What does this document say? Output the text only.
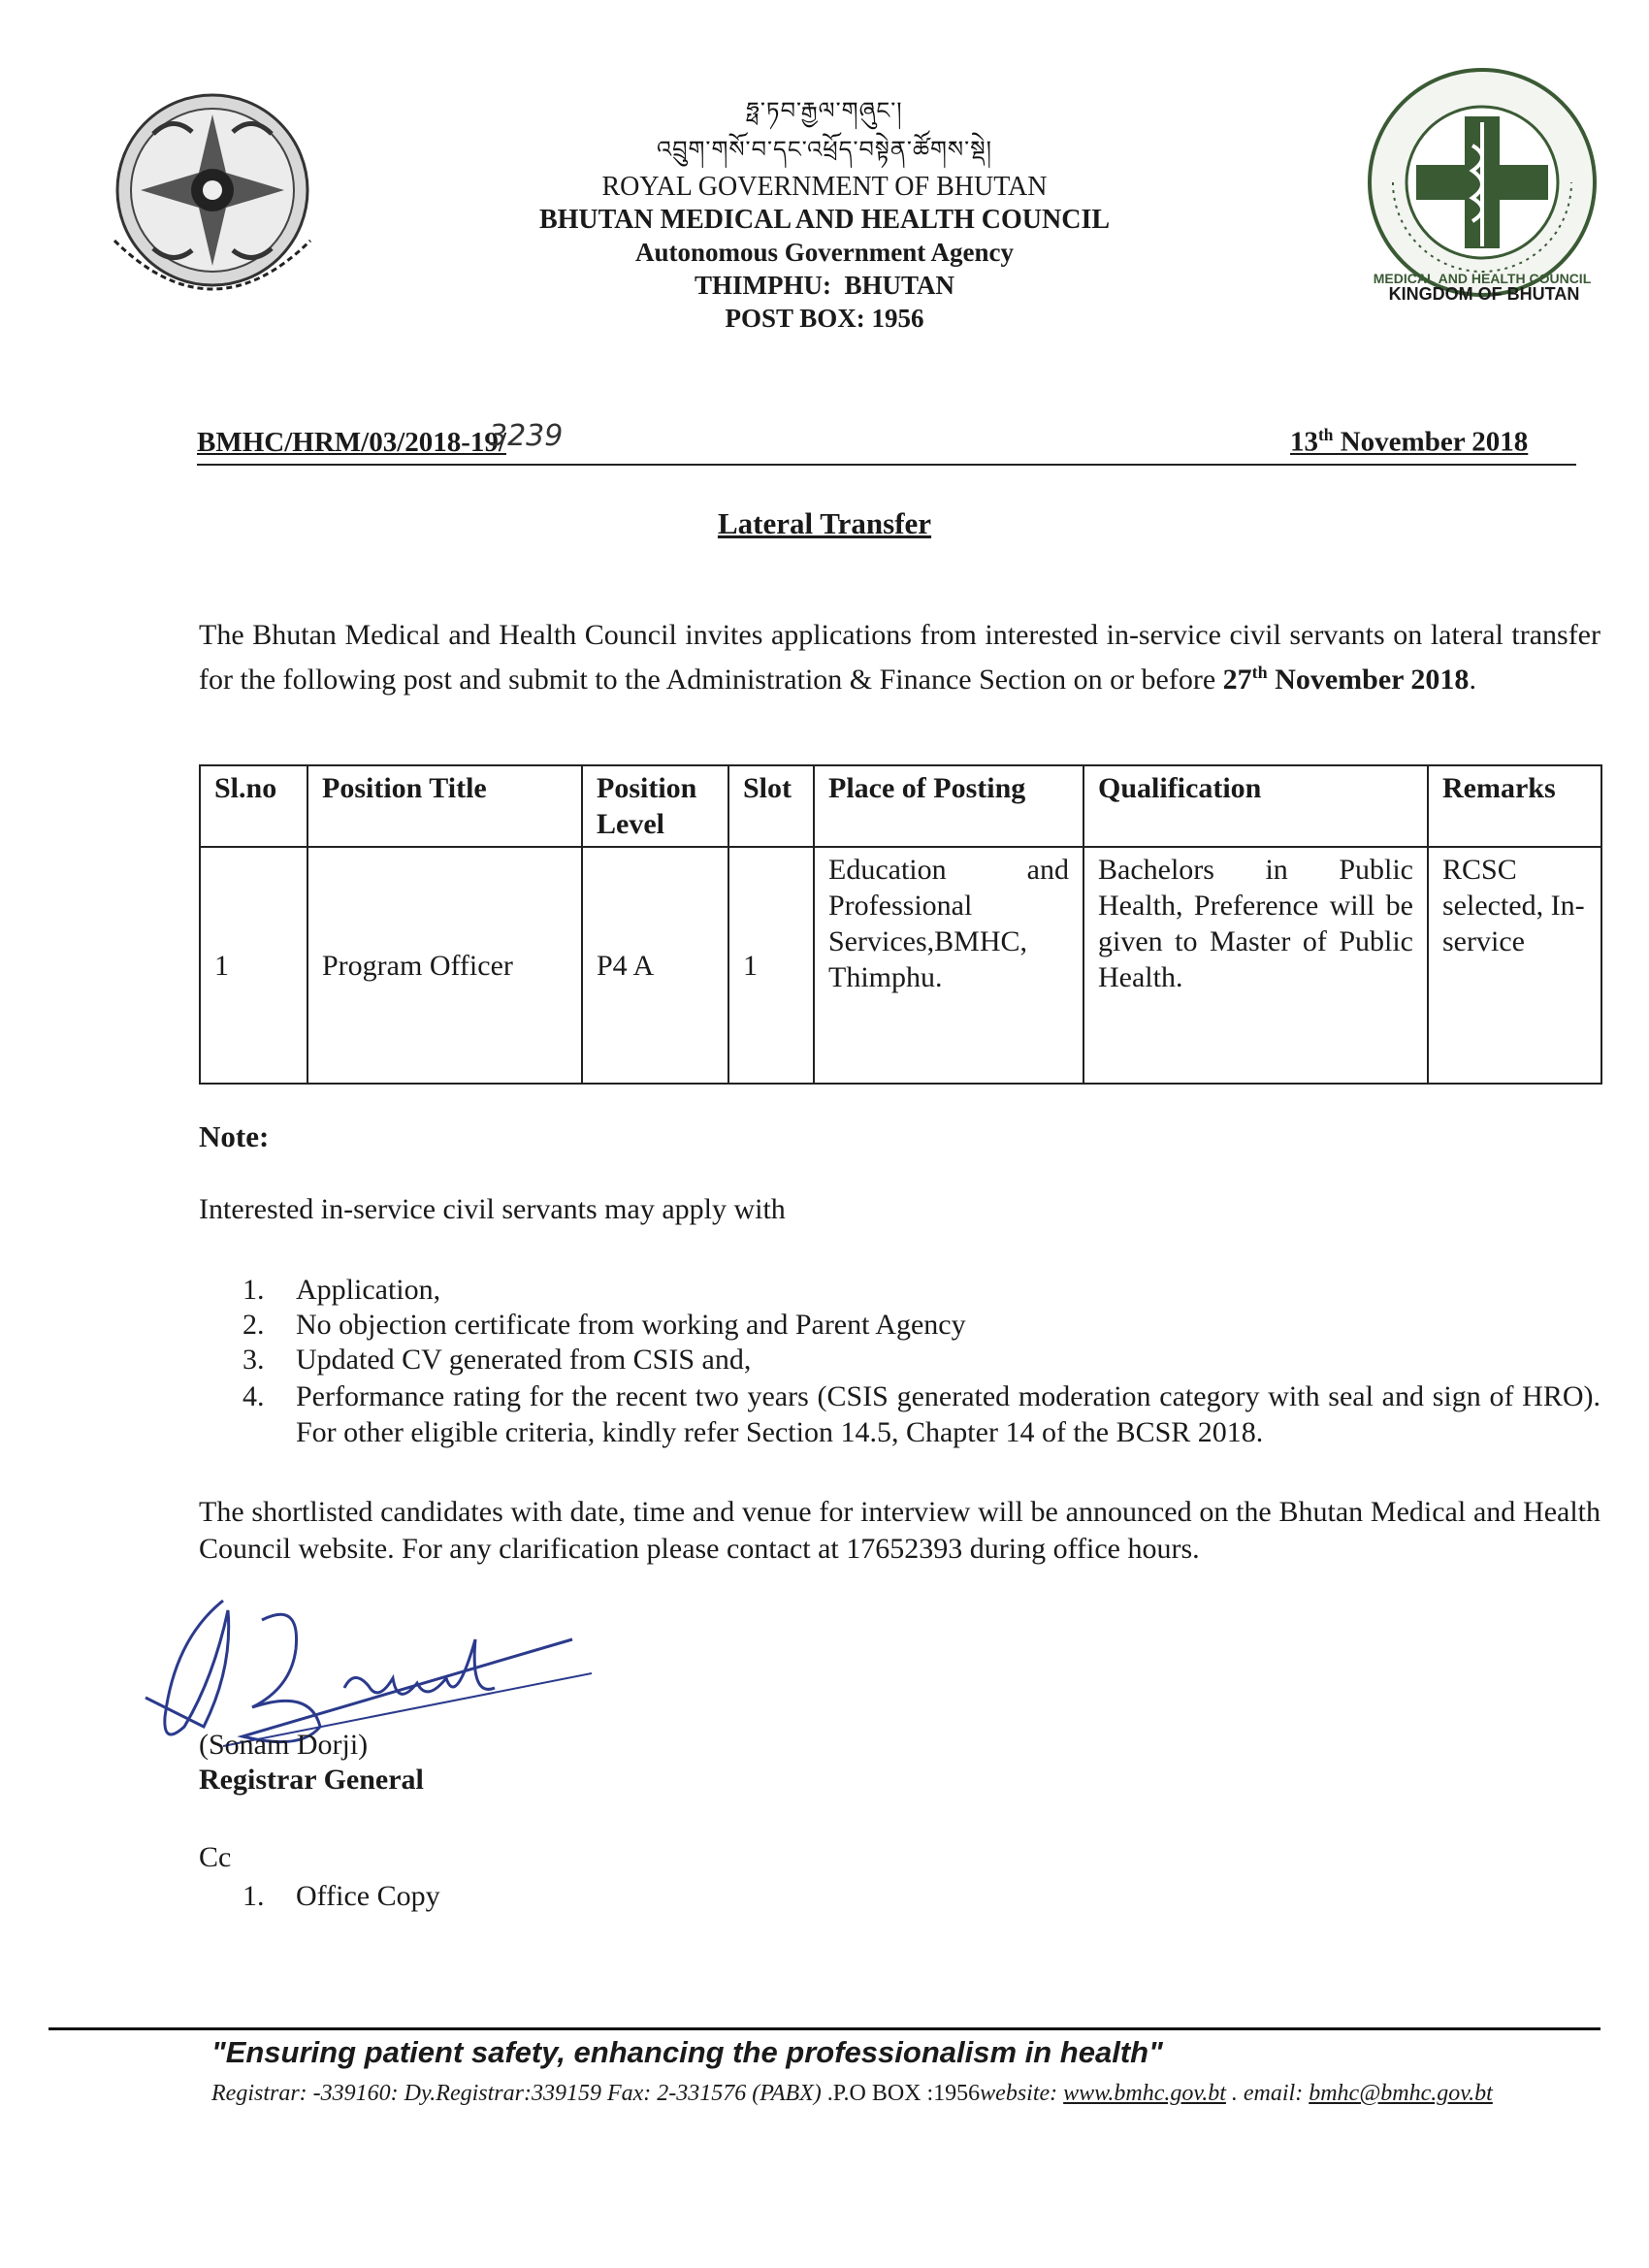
MEDICAL AND HEALTH COUNCIL
ཧྥ་ཏབ་རྒྱལ་གཞུང་།
འབྲུག་གསོ་བ་དང་འཕྲོད་བསྟེན་ཚོགས་སྡེ།
ROYAL GOVERNMENT OF BHUTAN
BHUTAN MEDICAL AND HEALTH COUNCIL
Autonomous Government Agency
THIMPHU:  BHUTAN
POST BOX: 1956
KINGDOM OF BHUTAN
BMHC/HRM/03/2018-19/
3239	13th November 2018
Lateral Transfer
The Bhutan Medical and Health Council invites applications from interested in-service civil servants on lateral transfer for the following post and submit to the Administration & Finance Section on or before 27th November 2018.
Sl.no	Position Title	Position Level	Slot	Place of Posting	Qualification	Remarks
1	Program Officer	P4 A	1	Education and Professional Services,BMHC, Thimphu.	Bachelors in Public Health, Preference will be given to Master of Public Health.	RCSC selected, In-service
Note:
Interested in-service civil servants may apply with
1. Application,
2. No objection certificate from working and Parent Agency
3. Updated CV generated from CSIS and,
4. Performance rating for the recent two years (CSIS generated moderation category with seal and sign of HRO). For other eligible criteria, kindly refer Section 14.5, Chapter 14 of the BCSR 2018.
The shortlisted candidates with date, time and venue for interview will be announced on the Bhutan Medical and Health Council website. For any clarification please contact at 17652393 during office hours.
(Sonam Dorji)
Registrar General
Cc
1. Office Copy
"Ensuring patient safety, enhancing the professionalism in health"
Registrar: -339160: Dy.Registrar:339159 Fax: 2-331576 (PABX) .P.O BOX :1956website: www.bmhc.gov.bt . email: bmhc@bmhc.gov.bt
